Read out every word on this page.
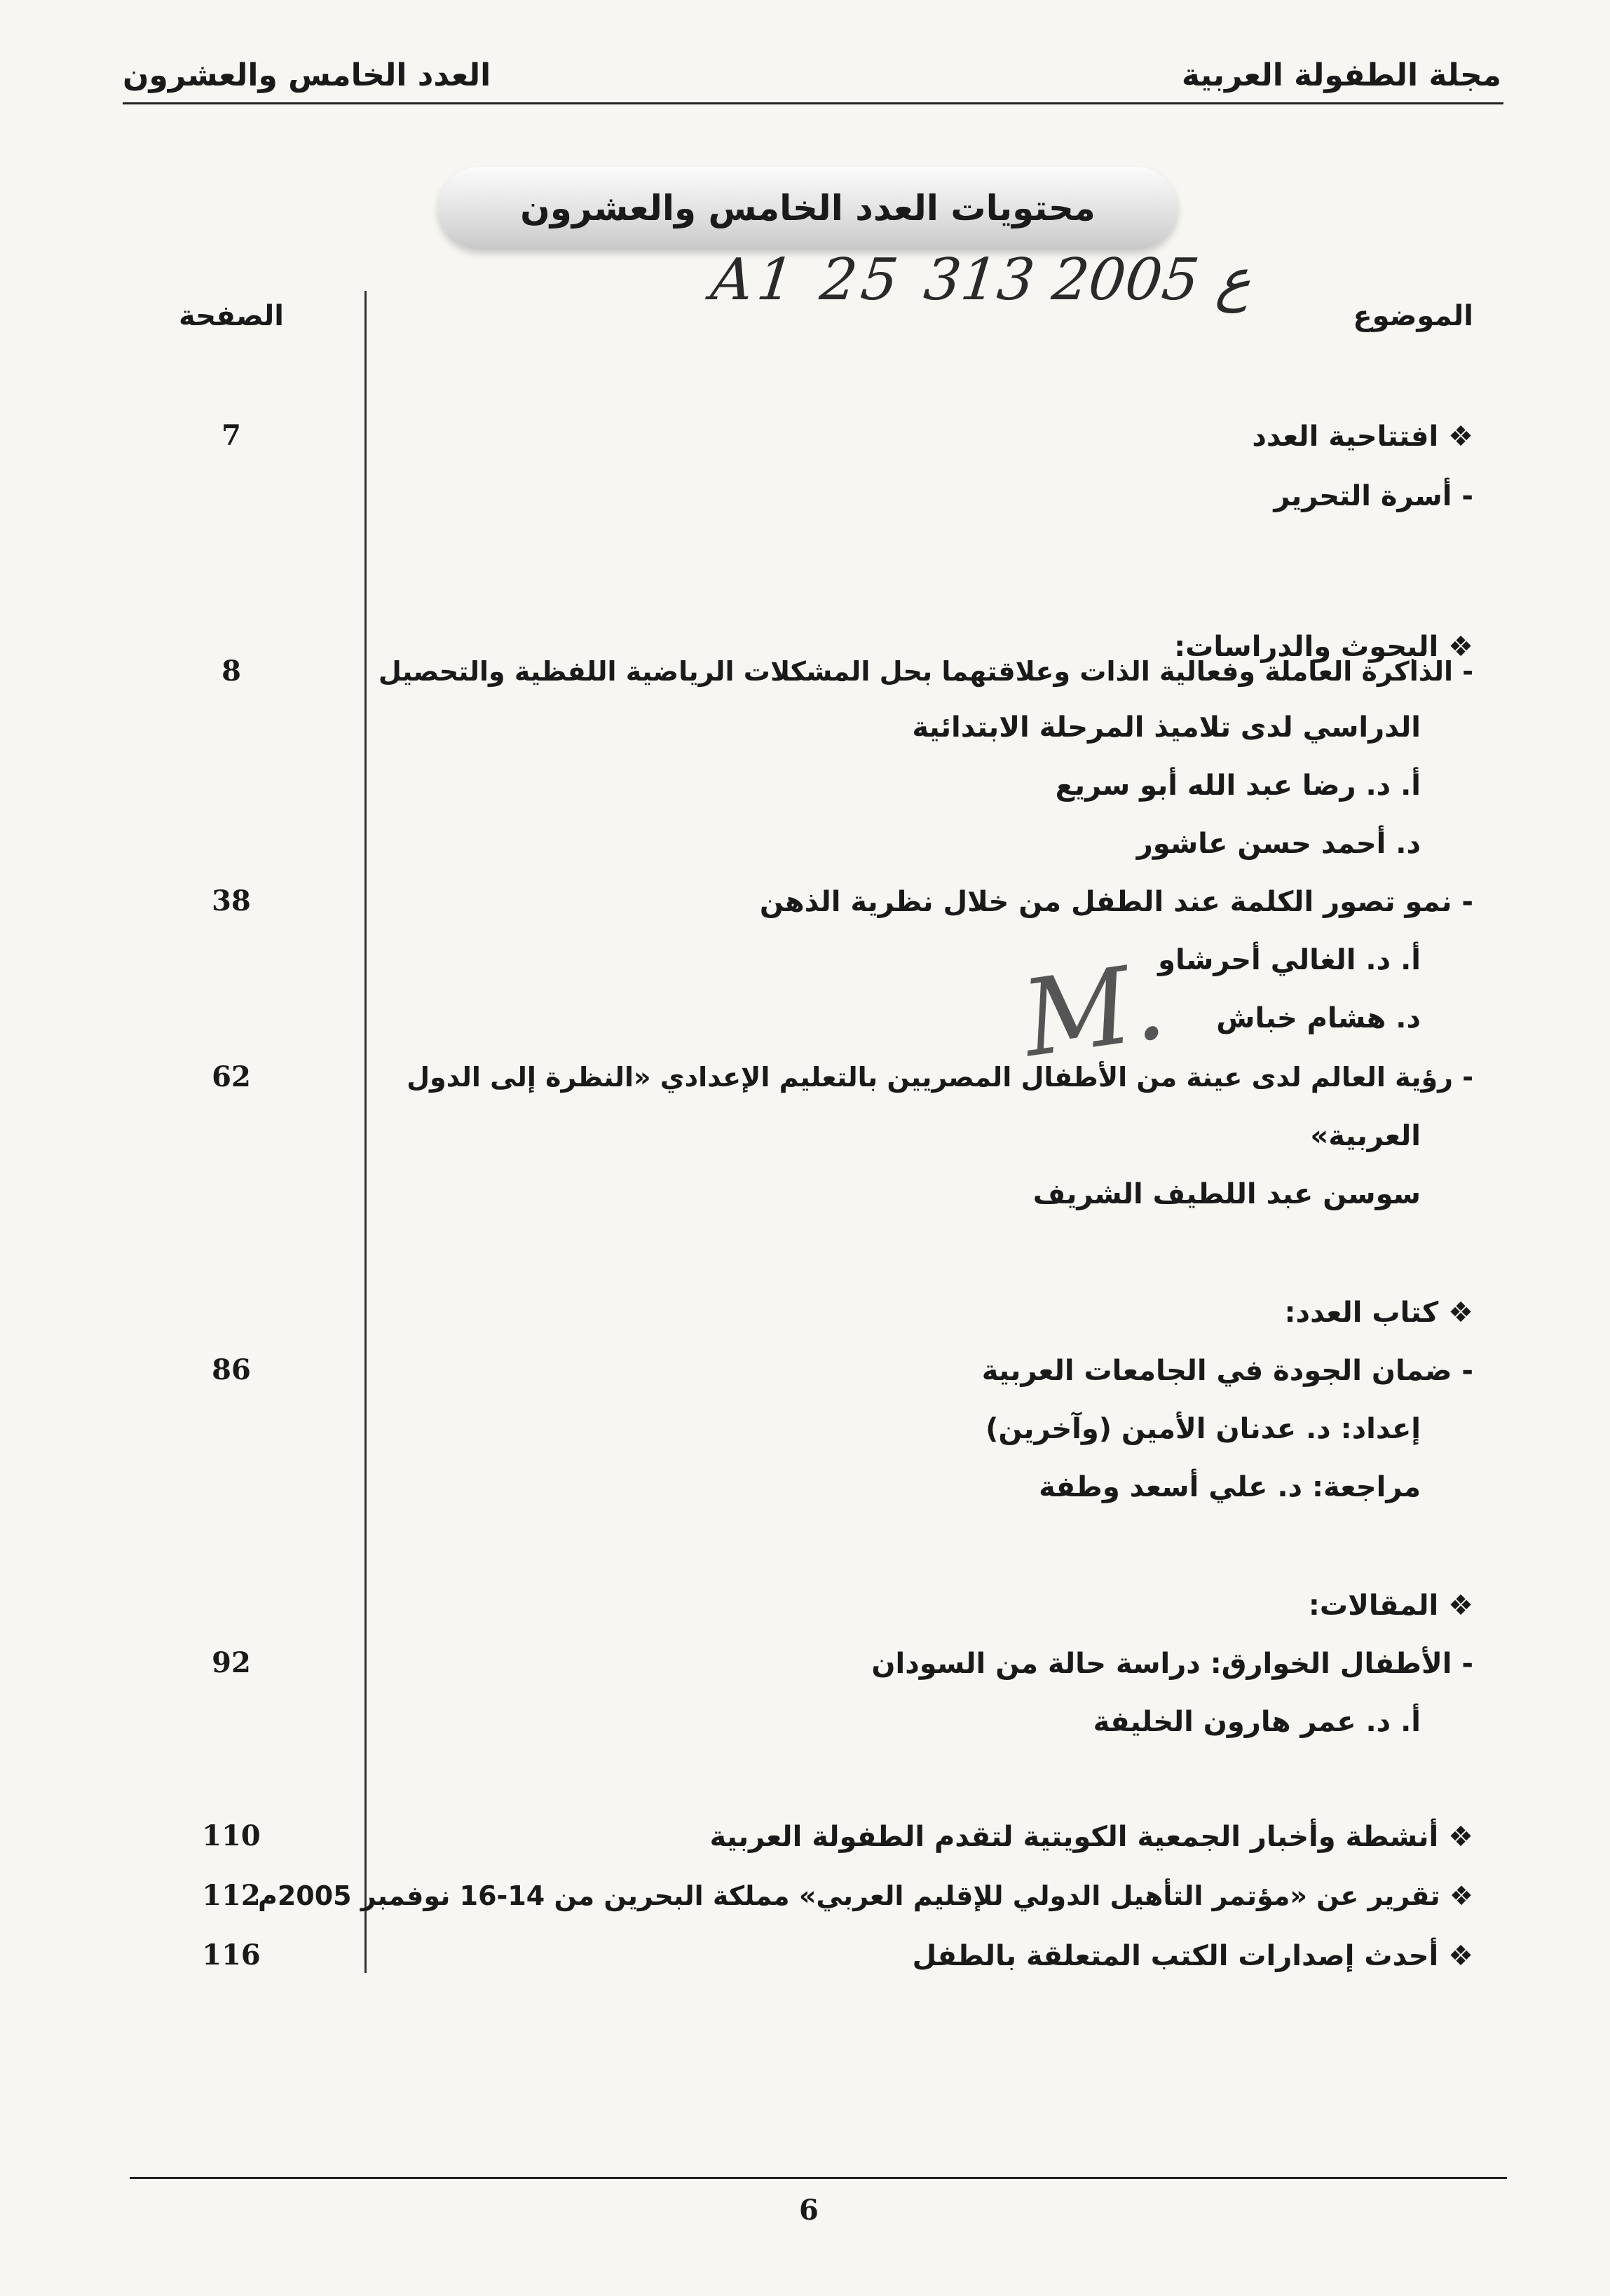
مجلة الطفولة العربية
العدد الخامس والعشرون
محتويات العدد الخامس والعشرون
A1 25 ع 2005 313
الموضوع
الصفحة
❖ افتتاحية العدد
7
- أسرة التحرير
❖ البحوث والدراسات:
- الذاكرة العاملة وفعالية الذات وعلاقتهما بحل المشكلات الرياضية اللفظية والتحصيل
8
الدراسي لدى تلاميذ المرحلة الابتدائية
أ. د. رضا عبد الله أبو سريع
د. أحمد حسن عاشور
- نمو تصور الكلمة عند الطفل من خلال نظرية الذهن
38
أ. د. الغالي أحرشاو
د. هشام خباش
M.
- رؤية العالم لدى عينة من الأطفال المصريين بالتعليم الإعدادي «النظرة إلى الدول
62
العربية»
سوسن عبد اللطيف الشريف
❖ كتاب العدد:
- ضمان الجودة في الجامعات العربية
86
إعداد: د. عدنان الأمين (وآخرين)
مراجعة: د. علي أسعد وطفة
❖ المقالات:
- الأطفال الخوارق: دراسة حالة من السودان
92
أ. د. عمر هارون الخليفة
❖ أنشطة وأخبار الجمعية الكويتية لتقدم الطفولة العربية
110
❖ تقرير عن «مؤتمر التأهيل الدولي للإقليم العربي» مملكة البحرين من 14-16 نوفمبر 2005م
112
❖ أحدث إصدارات الكتب المتعلقة بالطفل
116
6
